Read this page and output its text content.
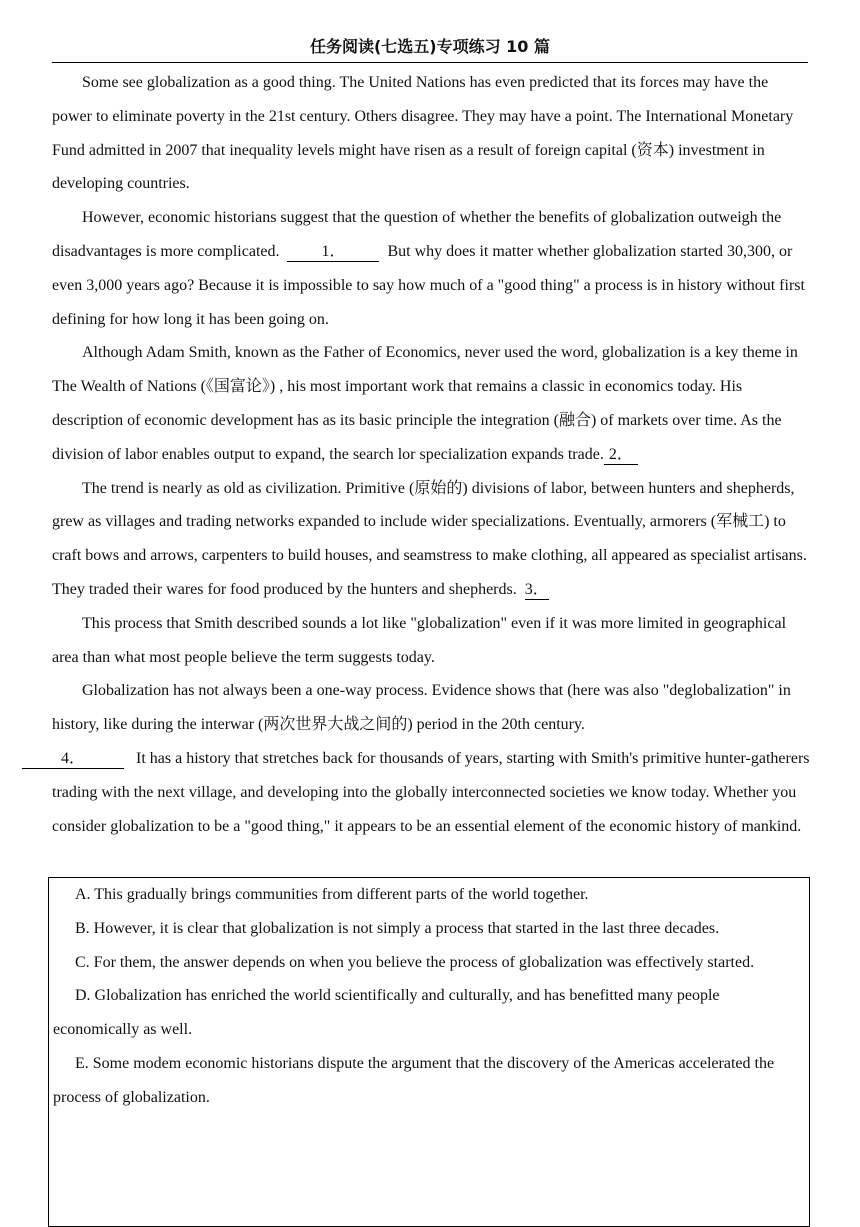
任务阅读(七选五)专项练习 10 篇

Some see globalization as a good thing. The United Nations has even predicted that its forces may have the power to eliminate poverty in the 21st century. Others disagree. They may have a point. The International Monetary Fund admitted in 2007 that inequality levels might have risen as a result of foreign capital (资本) investment in developing countries.

However, economic historians suggest that the question of whether the benefits of globalization outweigh the disadvantages is more complicated.	1．	But why does it matter whether globalization started 30,300, or even 3,000 years ago? Because it is impossible to say how much of a "good thing" a process is in history without first defining for how long it has been going on.

Although Adam Smith, known as the Father of Economics, never used the word, globalization is a key theme in The Wealth of Nations (《国富论》) , his most important work that remains a classic in economics today. His description of economic development has as its basic principle the integration (融合) of markets over time. As the division of labor enables output to expand, the search lor specialization expands trade. 2．

The trend is nearly as old as civilization. Primitive (原始的) divisions of labor, between hunters and shepherds, grew as villages and trading networks expanded to include wider specializations. Eventually, armorers (军械工) to craft bows and arrows, carpenters to build houses, and seamstress to make clothing, all appeared as specialist artisans. They traded their wares for food produced by the hunters and shepherds. 3．

This process that Smith described sounds a lot like "globalization" even if it was more limited in geographical area than what most people believe the term suggests today.

Globalization has not always been a one-way process. Evidence shows that (here was also "deglobalization" in history, like during the interwar (两次世界大战之间的) period in the 20th century.
4．	It has a history that stretches back for thousands of years, starting with Smith's primitive hunter-gatherers trading with the next village, and developing into the globally interconnected societies we know today. Whether you consider globalization to be a "good thing," it appears to be an essential element of the economic history of mankind.

A. This gradually brings communities from different parts of the world together.

B. However, it is clear that globalization is not simply a process that started in the last three decades.

C. For them, the answer depends on when you believe the process of globalization was effectively started.

D. Globalization has enriched the world scientifically and culturally, and has benefitted many people economically as well.

E. Some modem economic historians dispute the argument that the discovery of the Americas accelerated the process of globalization.
